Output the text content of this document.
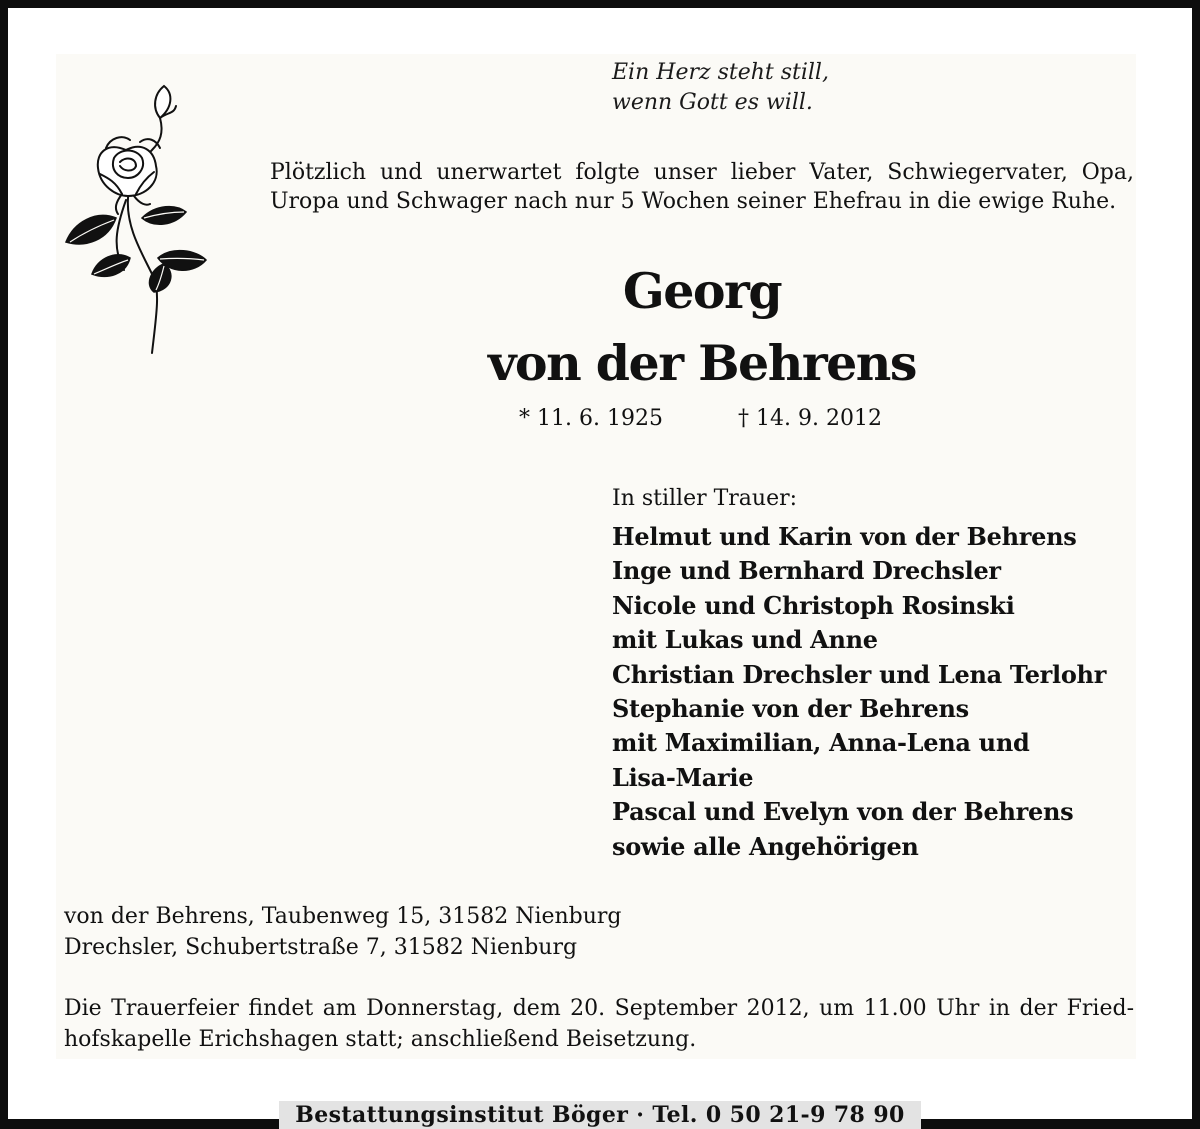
Ein Herz steht still,
wenn Gott es will.
Plötzlich und unerwartet folgte unser lieber Vater, Schwiegervater, Opa, Uropa und Schwager nach nur 5 Wochen seiner Ehefrau in die ewige Ruhe.
Georg
von der Behrens
* 11. 6. 1925	† 14. 9. 2012
In stiller Trauer:
Helmut und Karin von der Behrens
Inge und Bernhard Drechsler
Nicole und Christoph Rosinski
mit Lukas und Anne
Christian Drechsler und Lena Terlohr
Stephanie von der Behrens
mit Maximilian, Anna-Lena und
Lisa-Marie
Pascal und Evelyn von der Behrens
sowie alle Angehörigen
von der Behrens, Taubenweg 15, 31582 Nienburg
Drechsler, Schubertstraße 7, 31582 Nienburg
Die Trauerfeier findet am Donnerstag, dem 20. September 2012, um 11.00 Uhr in der Friedhofskapelle Erichshagen statt; anschließend Beisetzung.
Bestattungsinstitut Böger · Tel. 0 50 21-9 78 90
